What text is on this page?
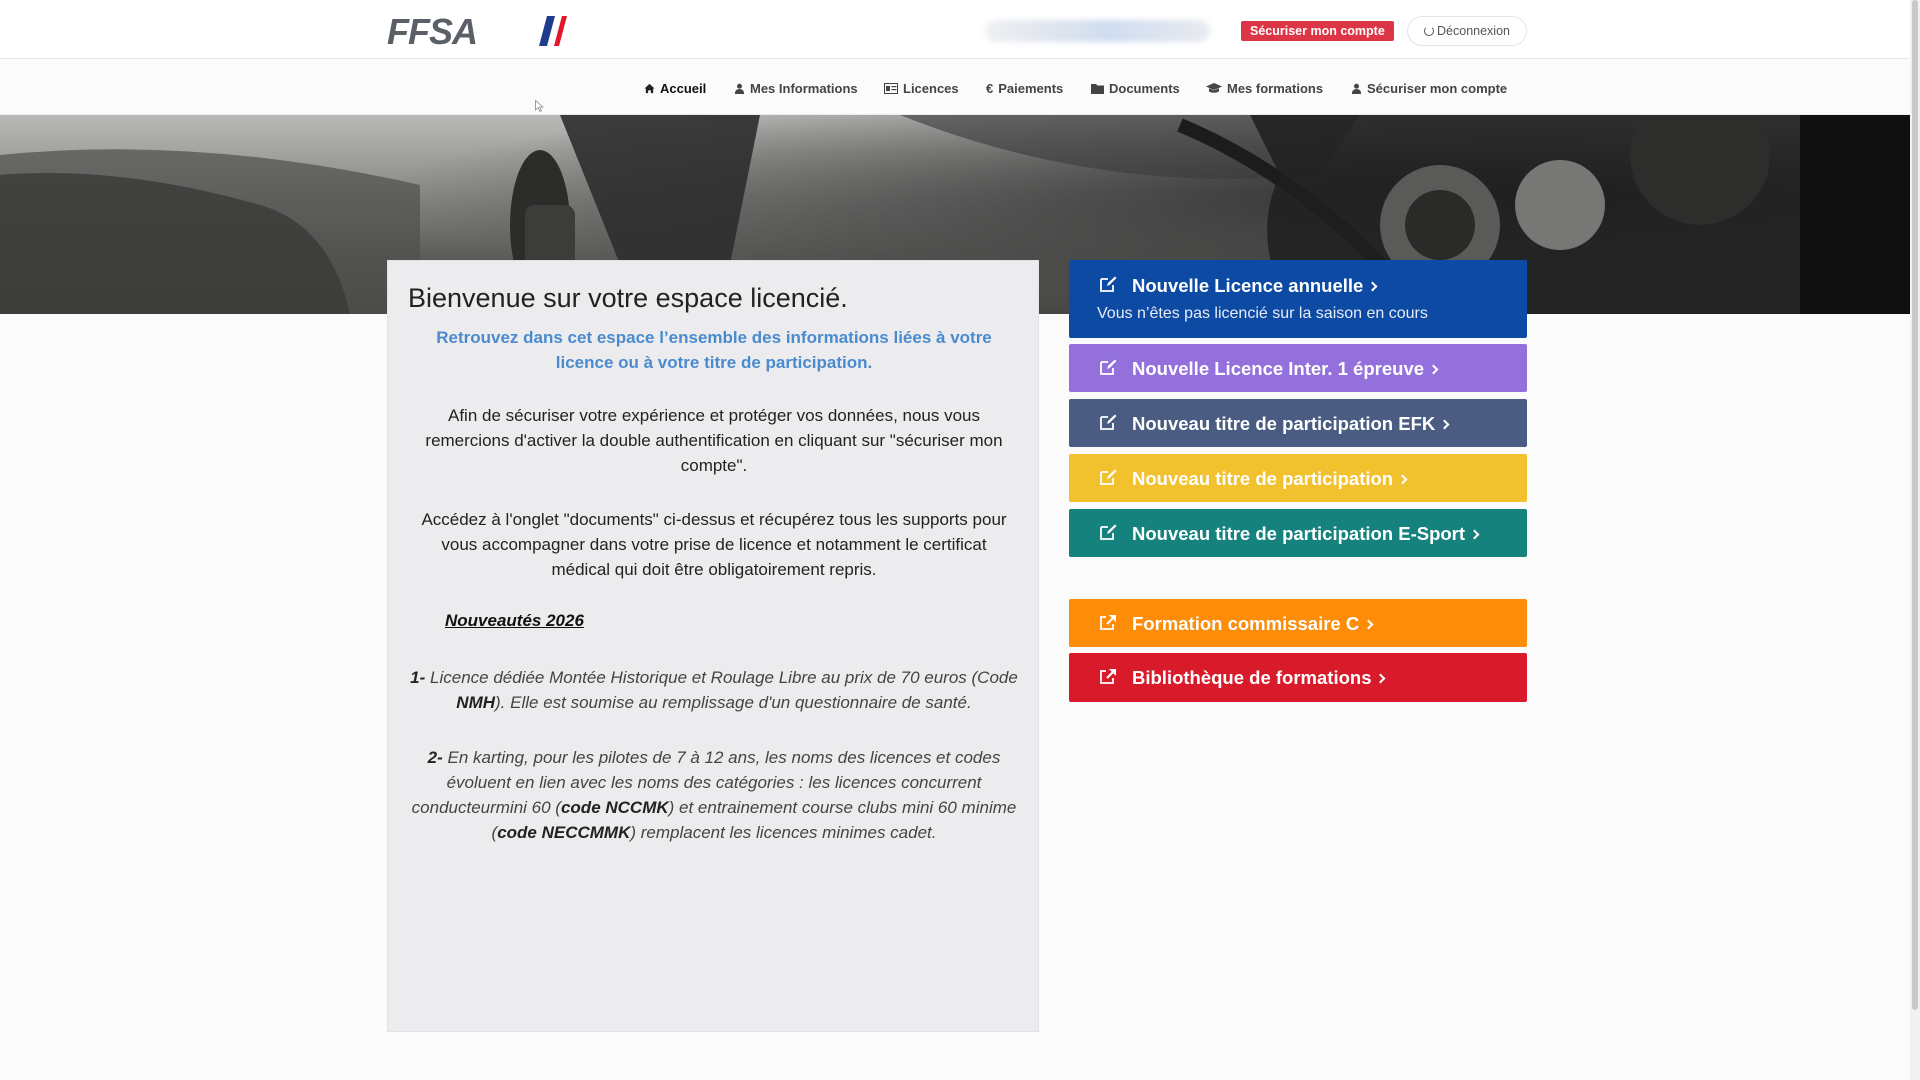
FFSA	Sécuriser mon compte	Déconnexion
Accueil	Mes Informations	Licences € Paiements	Documents	Mes formations	Sécuriser mon compte
Bienvenue sur votre espace licencié.
Retrouvez dans cet espace l’ensemble des informations liées à votre licence ou à votre titre de participation.
Afin de sécuriser votre expérience et protéger vos données, nous vous remercions d'activer la double authentification en cliquant sur "sécuriser mon compte".
Accédez à l'onglet "documents" ci-dessus et récupérez tous les supports pour vous accompagner dans votre prise de licence et notamment le certificat médical qui doit être obligatoirement repris.
Nouveautés 2026
1- Licence dédiée Montée Historique et Roulage Libre au prix de 70 euros (Code NMH). Elle est soumise au remplissage d'un questionnaire de santé.
2- En karting, pour les pilotes de 7 à 12 ans, les noms des licences et codes évoluent en lien avec les noms des catégories : les licences concurrent conducteurmini 60 (code NCCMK) et entrainement course clubs mini 60 minime (code NECCMMK) remplacent les licences minimes cadet.
Nouvelle Licence annuelle
Vous n’êtes pas licencié sur la saison en cours
Nouvelle Licence Inter. 1 épreuve
Nouveau titre de participation EFK
Nouveau titre de participation
Nouveau titre de participation E-Sport
Formation commissaire C
Bibliothèque de formations
